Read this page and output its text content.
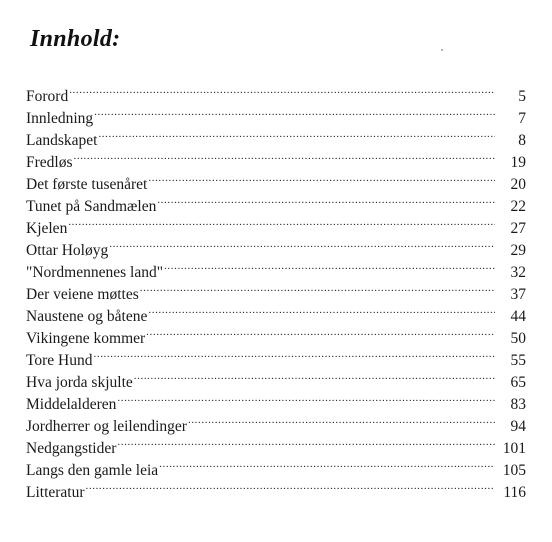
Innhold:
Forord .....	5
Innledning .....	7
Landskapet .....	8
Fredløs .....	19
Det første tusenåret .....	20
Tunet på Sandmælen .....	22
Kjelen .....	27
Ottar Holøyg .....	29
"Nordmennenes land" .....	32
Der veiene møttes .....	37
Naustene og båtene .....	44
Vikingene kommer .....	50
Tore Hund .....	55
Hva jorda skjulte .....	65
Middelalderen .....	83
Jordherrer og leilendinger .....	94
Nedgangstider .....	101
Langs den gamle leia .....	105
Litteratur .....	116
